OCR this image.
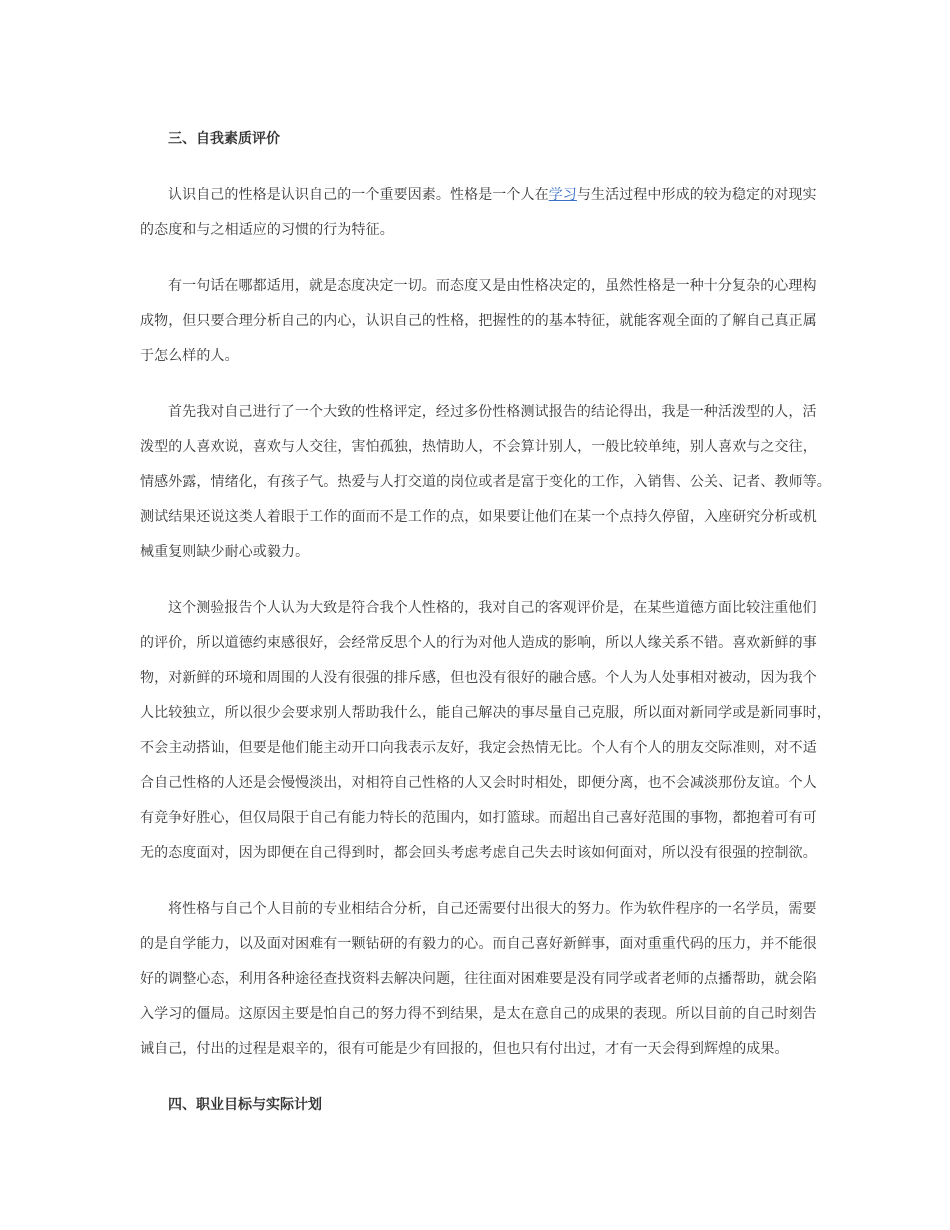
三、自我素质评价
认识自己的性格是认识自己的一个重要因素。性格是一个人在学习与生活过程中形成的较为稳定的对现实
的态度和与之相适应的习惯的行为特征。
有一句话在哪都适用，就是态度决定一切。而态度又是由性格决定的，虽然性格是一种十分复杂的心理构
成物，但只要合理分析自己的内心，认识自己的性格，把握性的的基本特征，就能客观全面的了解自己真正属
于怎么样的人。
首先我对自己进行了一个大致的性格评定，经过多份性格测试报告的结论得出，我是一种活泼型的人，活
泼型的人喜欢说，喜欢与人交往，害怕孤独，热情助人，不会算计别人，一般比较单纯，别人喜欢与之交往，
情感外露，情绪化，有孩子气。热爱与人打交道的岗位或者是富于变化的工作，入销售、公关、记者、教师等。
测试结果还说这类人着眼于工作的面而不是工作的点，如果要让他们在某一个点持久停留，入座研究分析或机
械重复则缺少耐心或毅力。
这个测验报告个人认为大致是符合我个人性格的，我对自己的客观评价是，在某些道德方面比较注重他们
的评价，所以道德约束感很好，会经常反思个人的行为对他人造成的影响，所以人缘关系不错。喜欢新鲜的事
物，对新鲜的环境和周围的人没有很强的排斥感，但也没有很好的融合感。个人为人处事相对被动，因为我个
人比较独立，所以很少会要求别人帮助我什么，能自己解决的事尽量自己克服，所以面对新同学或是新同事时，
不会主动搭讪，但要是他们能主动开口向我表示友好，我定会热情无比。个人有个人的朋友交际准则，对不适
合自己性格的人还是会慢慢淡出，对相符自己性格的人又会时时相处，即便分离，也不会减淡那份友谊。个人
有竞争好胜心，但仅局限于自己有能力特长的范围内，如打篮球。而超出自己喜好范围的事物，都抱着可有可
无的态度面对，因为即便在自己得到时，都会回头考虑考虑自己失去时该如何面对，所以没有很强的控制欲。
将性格与自己个人目前的专业相结合分析，自己还需要付出很大的努力。作为软件程序的一名学员，需要
的是自学能力，以及面对困难有一颗钻研的有毅力的心。而自己喜好新鲜事，面对重重代码的压力，并不能很
好的调整心态，利用各种途径查找资料去解决问题，往往面对困难要是没有同学或者老师的点播帮助，就会陷
入学习的僵局。这原因主要是怕自己的努力得不到结果，是太在意自己的成果的表现。所以目前的自己时刻告
诫自己，付出的过程是艰辛的，很有可能是少有回报的，但也只有付出过，才有一天会得到辉煌的成果。
四、职业目标与实际计划
